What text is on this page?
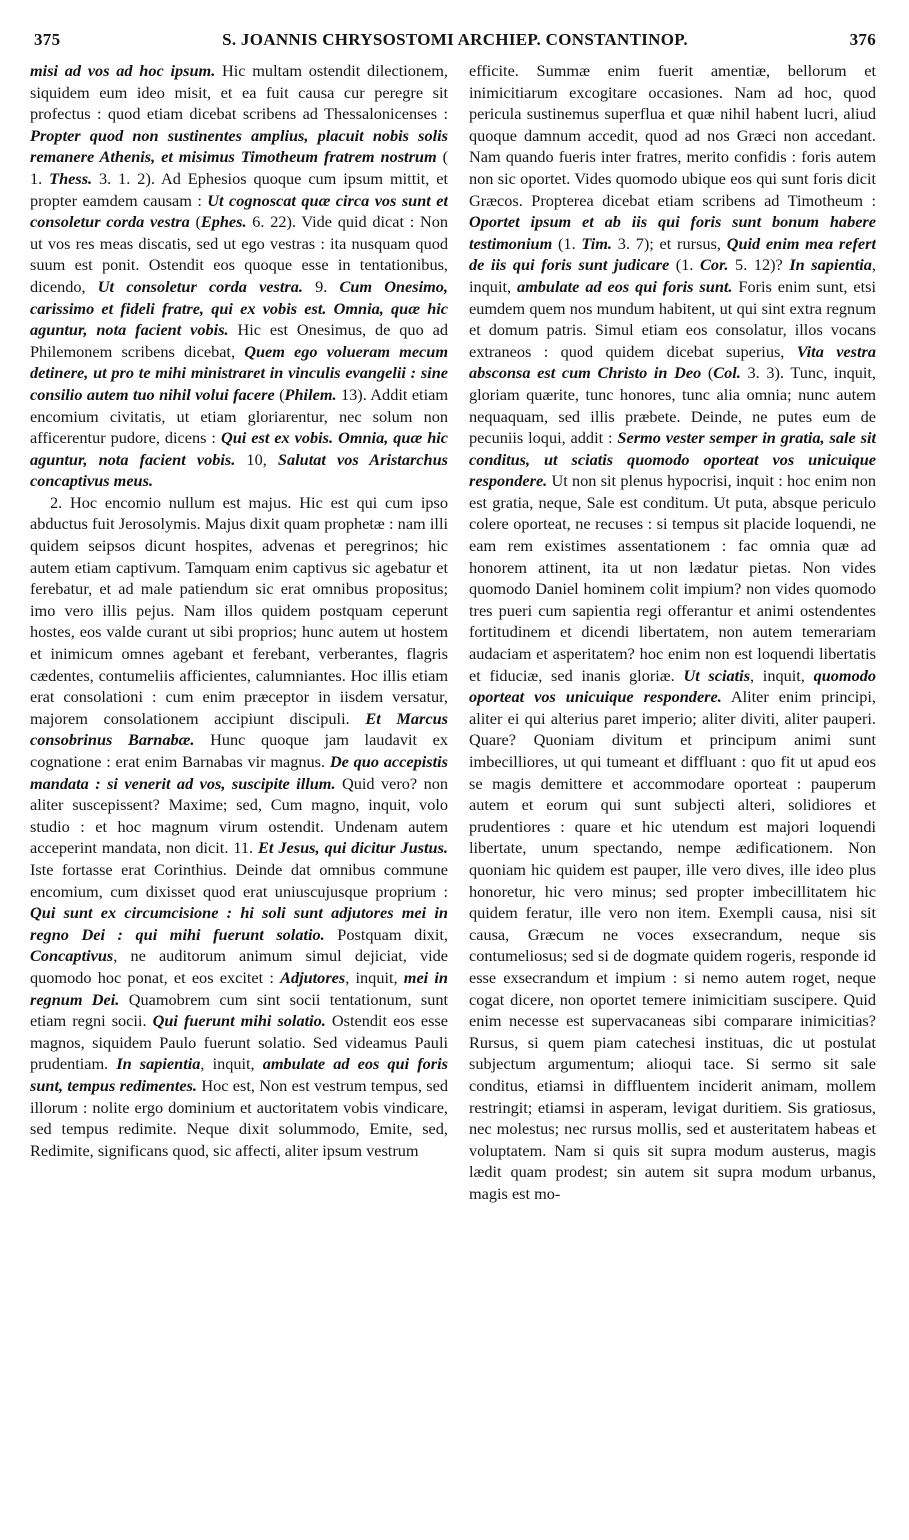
375	S. JOANNIS CHRYSOSTOMI ARCHIEP. CONSTANTINOP.	376

misi ad vos ad hoc ipsum. Hic multam ostendit dilectionem, siquidem eum ideo misit, et ea fuit causa cur peregre sit profectus : quod etiam dicebat scribens ad Thessalonicenses : Propter quod non sustinentes amplius, placuit nobis solis remanere Athenis, et misimus Timotheum fratrem nostrum ( 1. Thess. 3. 1. 2). Ad Ephesios quoque cum ipsum mittit, et propter eamdem causam : Ut cognoscat quæ circa vos sunt et consoletur corda vestra (Ephes. 6. 22). Vide quid dicat : Non ut vos res meas discatis, sed ut ego vestras : ita nusquam quod suum est ponit. Ostendit eos quoque esse in tentationibus, dicendo, Ut consoletur corda vestra. 9. Cum Onesimo, carissimo et fideli fratre, qui ex vobis est. Omnia, quæ hic aguntur, nota facient vobis. Hic est Onesimus, de quo ad Philemonem scribens dicebat, Quem ego volueram mecum detinere, ut pro te mihi ministraret in vinculis evangelii : sine consilio autem tuo nihil volui facere (Philem. 13). Addit etiam encomium civitatis, ut etiam gloriarentur, nec solum non afficerentur pudore, dicens : Qui est ex vobis. Omnia, quæ hic aguntur, nota facient vobis. 10, Salutat vos Aristarchus concaptivus meus.

2. Hoc encomio nullum est majus. Hic est qui cum ipso abductus fuit Jerosolymis. Majus dixit quam prophetæ : nam illi quidem seipsos dicunt hospites, advenas et peregrinos; hic autem etiam captivum. Tamquam enim captivus sic agebatur et ferebatur, et ad male patiendum sic erat omnibus propositus; imo vero illis pejus. Nam illos quidem postquam ceperunt hostes, eos valde curant ut sibi proprios; hunc autem ut hostem et inimicum omnes agebant et ferebant, verberantes, flagris cædentes, contumeliis afficientes, calumniantes. Hoc illis etiam erat consolationi : cum enim præceptor in iisdem versatur, majorem consolationem accipiunt discipuli. Et Marcus consobrinus Barnabæ. Hunc quoque jam laudavit ex cognatione : erat enim Barnabas vir magnus. De quo accepistis mandata : si venerit ad vos, suscipite illum. Quid vero? non aliter suscepissent? Maxime; sed, Cum magno, inquit, volo studio : et hoc magnum virum ostendit. Undenam autem acceperint mandata, non dicit. 11. Et Jesus, qui dicitur Justus. Iste fortasse erat Corinthius. Deinde dat omnibus commune encomium, cum dixisset quod erat uniuscujusque proprium : Qui sunt ex circumcisione : hi soli sunt adjutores mei in regno Dei : qui mihi fuerunt solatio. Postquam dixit, Concaptivus, ne auditorum animum simul dejiciat, vide quomodo hoc ponat, et eos excitet : Adjutores, inquit, mei in regnum Dei. Quamobrem cum sint socii tentationum, sunt etiam regni socii. Qui fuerunt mihi solatio. Ostendit eos esse magnos, siquidem Paulo fuerunt solatio. Sed videamus Pauli prudentiam. In sapientia, inquit, ambulate ad eos qui foris sunt, tempus redimentes. Hoc est, Non est vestrum tempus, sed illorum : nolite ergo dominium et auctoritatem vobis vindicare, sed tempus redimite. Neque dixit solummodo, Emite, sed, Redimite, significans quod, sic affecti, aliter ipsum vestrum

efficite. Summæ enim fuerit amentiæ, bellorum et inimicitiarum excogitare occasiones. Nam ad hoc, quod pericula sustinemus superflua et quæ nihil habent lucri, aliud quoque damnum accedit, quod ad nos Græci non accedant. Nam quando fueris inter fratres, merito confidis : foris autem non sic oportet. Vides quomodo ubique eos qui sunt foris dicit Græcos. Propterea dicebat etiam scribens ad Timotheum : Oportet ipsum et ab iis qui foris sunt bonum habere testimonium (1. Tim. 3. 7); et rursus, Quid enim mea refert de iis qui foris sunt judicare (1. Cor. 5. 12)? In sapientia, inquit, ambulate ad eos qui foris sunt. Foris enim sunt, etsi eumdem quem nos mundum habitent, ut qui sint extra regnum et domum patris. Simul etiam eos consolatur, illos vocans extraneos : quod quidem dicebat superius, Vita vestra absconsa est cum Christo in Deo (Col. 3. 3). Tunc, inquit, gloriam quærite, tunc honores, tunc alia omnia; nunc autem nequaquam, sed illis præbete. Deinde, ne putes eum de pecuniis loqui, addit : Sermo vester semper in gratia, sale sit conditus, ut sciatis quomodo oporteat vos unicuique respondere. Ut non sit plenus hypocrisi, inquit : hoc enim non est gratia, neque, Sale est conditum. Ut puta, absque periculo colere oporteat, ne recuses : si tempus sit placide loquendi, ne eam rem existimes assentationem : fac omnia quæ ad honorem attinent, ita ut non lædatur pietas. Non vides quomodo Daniel hominem colit impium? non vides quomodo tres pueri cum sapientia regi offerantur et animi ostendentes fortitudinem et dicendi libertatem, non autem temerariam audaciam et asperitatem? hoc enim non est loquendi libertatis et fiduciæ, sed inanis gloriæ. Ut sciatis, inquit, quomodo oporteat vos unicuique respondere. Aliter enim principi, aliter ei qui alterius paret imperio; aliter diviti, aliter pauperi. Quare? Quoniam divitum et principum animi sunt imbecilliores, ut qui tumeant et diffluant : quo fit ut apud eos se magis demittere et accommodare oporteat : pauperum autem et eorum qui sunt subjecti alteri, solidiores et prudentiores : quare et hic utendum est majori loquendi libertate, unum spectando, nempe ædificationem. Non quoniam hic quidem est pauper, ille vero dives, ille ideo plus honoretur, hic vero minus; sed propter imbecillitatem hic quidem feratur, ille vero non item. Exempli causa, nisi sit causa, Græcum ne voces exsecrandum, neque sis contumeliosus; sed si de dogmate quidem rogeris, responde id esse exsecrandum et impium : si nemo autem roget, neque cogat dicere, non oportet temere inimicitiam suscipere. Quid enim necesse est supervacaneas sibi comparare inimicitias? Rursus, si quem piam catechesi instituas, dic ut postulat subjectum argumentum; alioqui tace. Si sermo sit sale conditus, etiamsi in diffluentem inciderit animam, mollem restringit; etiamsi in asperam, levigat duritiem. Sis gratiosus, nec molestus; nec rursus mollis, sed et austeritatem habeas et voluptatem. Nam si quis sit supra modum austerus, magis lædit quam prodest; sin autem sit supra modum urbanus, magis est mo-
